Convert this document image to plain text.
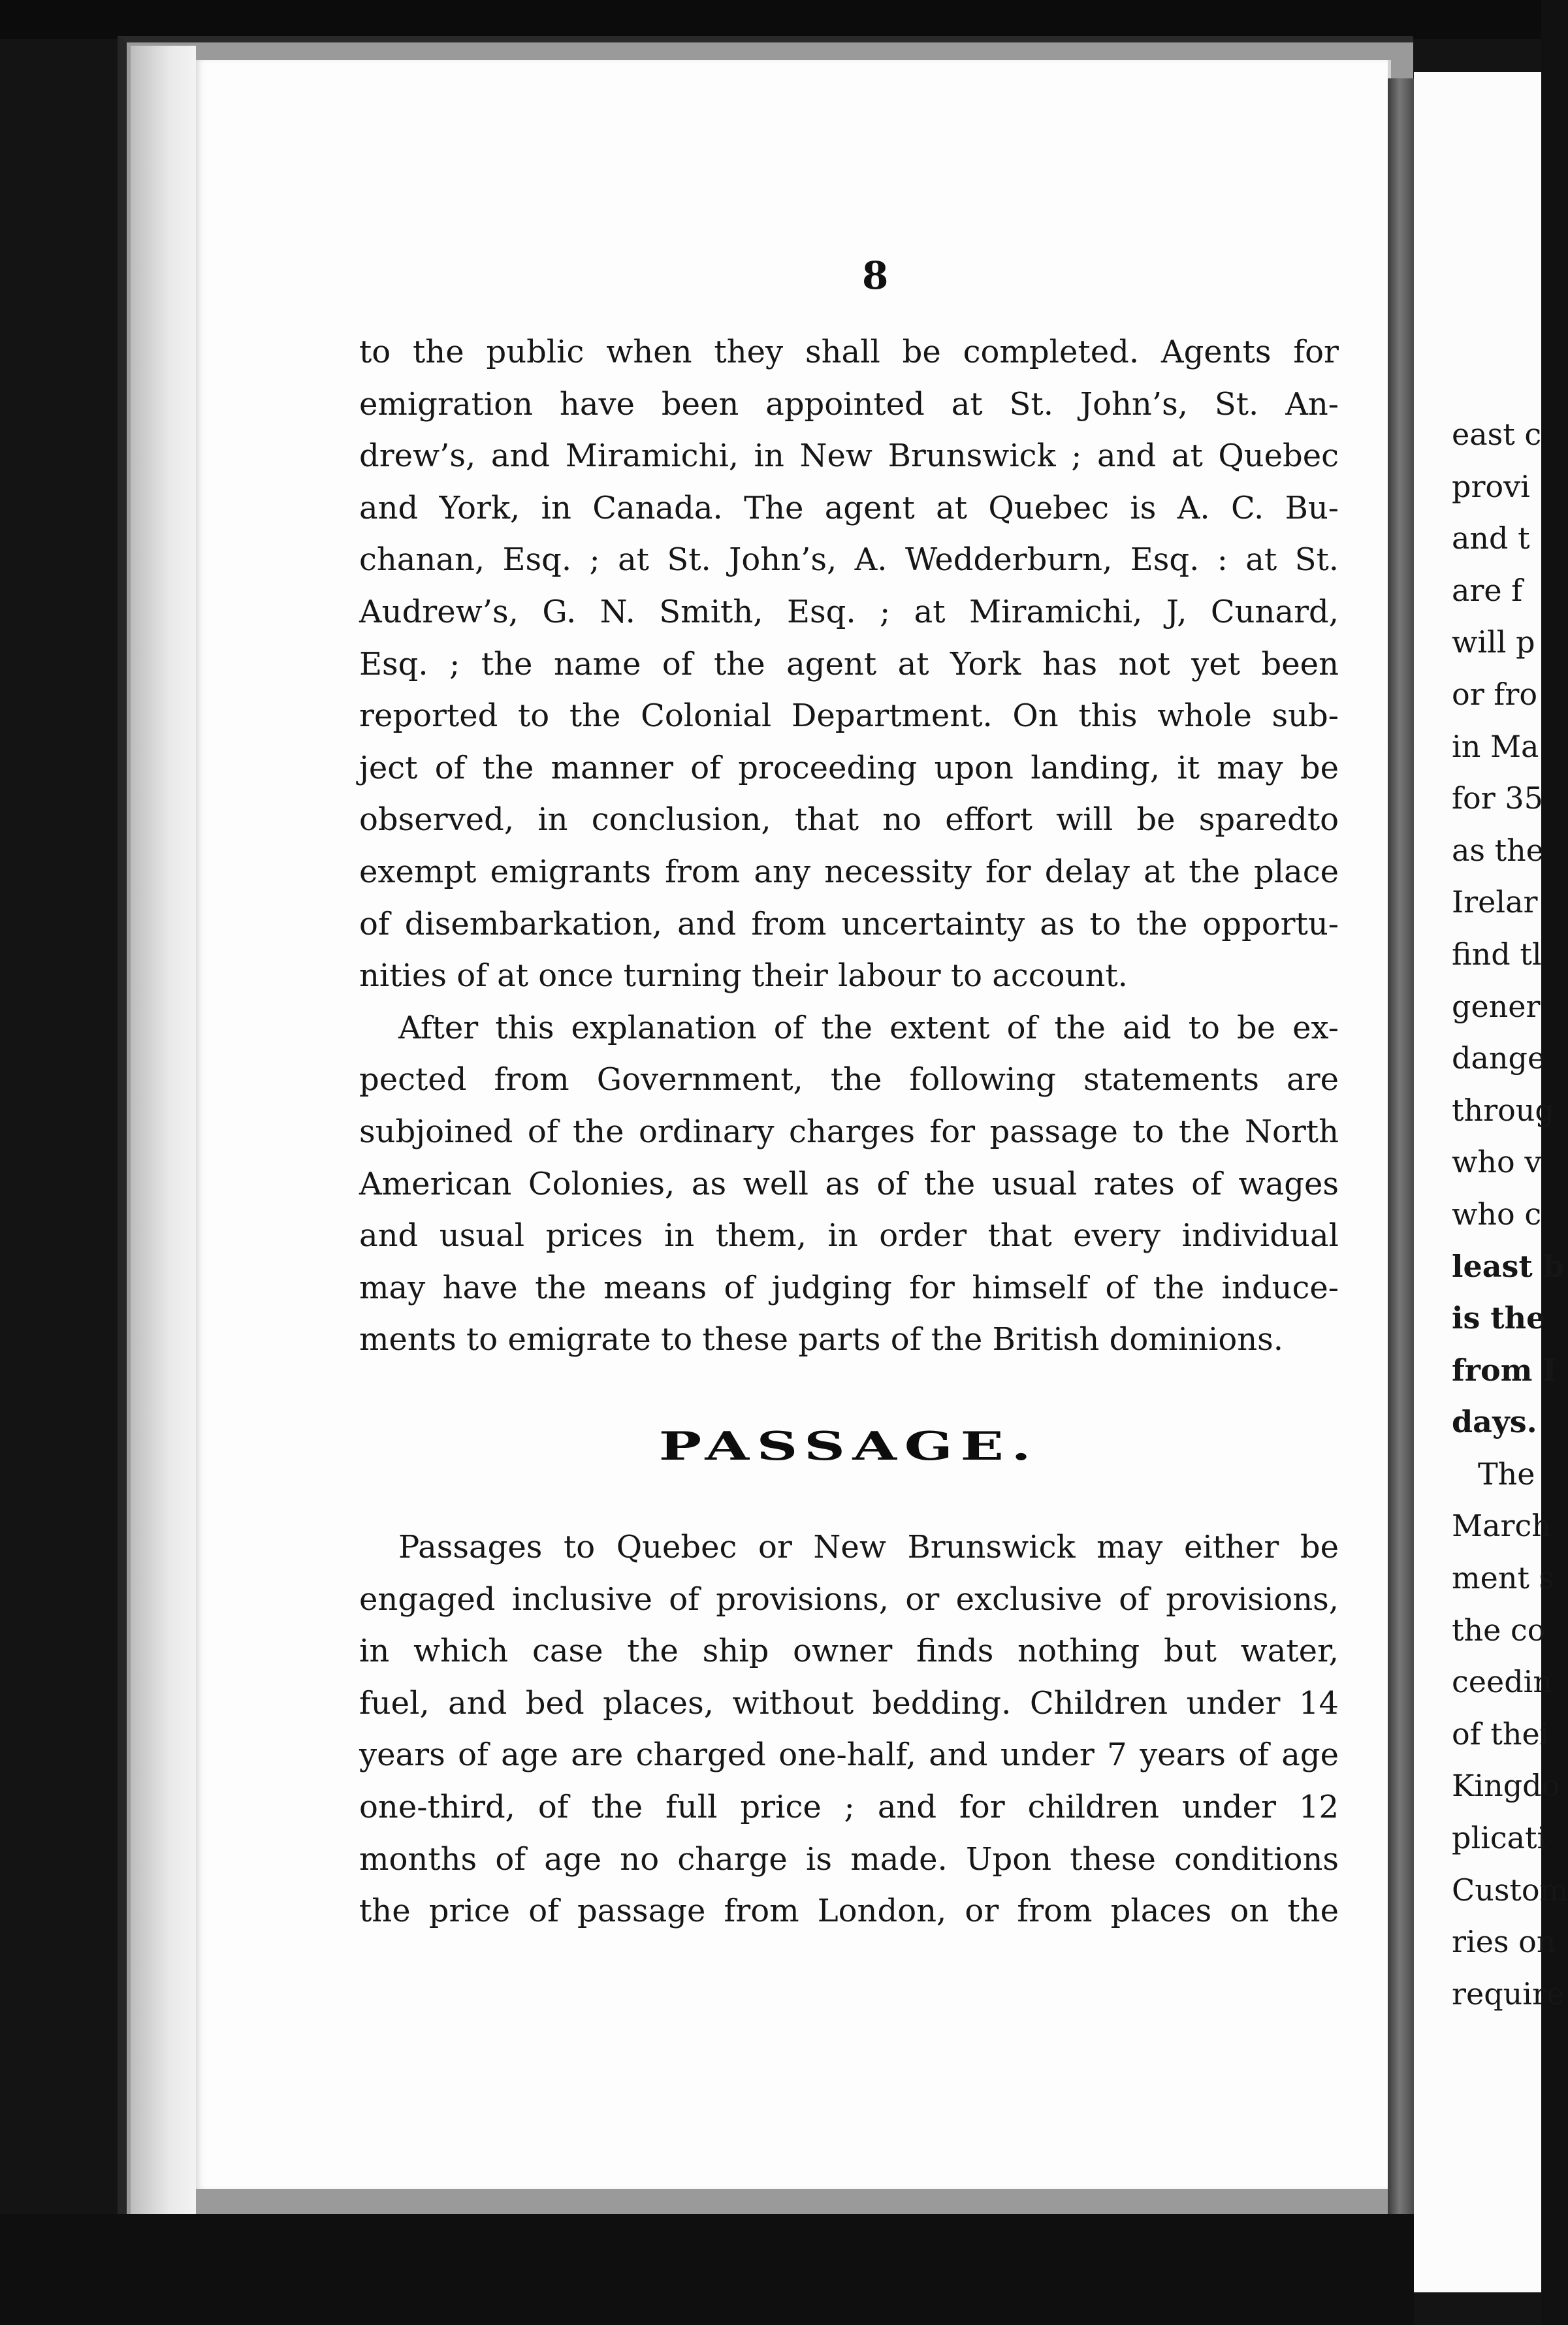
8
to the public when they shall be completed. Agents for
emigration have been appointed at St. John’s, St. An-
drew’s, and Miramichi, in New Brunswick ; and at Quebec
and York, in Canada. The agent at Quebec is A. C. Bu-
chanan, Esq. ; at St. John’s, A. Wedderburn, Esq. : at St.
Audrew’s, G. N. Smith, Esq. ; at Miramichi, J, Cunard,
Esq. ; the name of the agent at York has not yet been
reported to the Colonial Department. On this whole sub-
ject of the manner of proceeding upon landing, it may be
observed, in conclusion, that no effort will be sparedto
exempt emigrants from any necessity for delay at the place
of disembarkation, and from uncertainty as to the opportu-
nities of at once turning their labour to account.
After this explanation of the extent of the aid to be ex-
pected from Government, the following statements are
subjoined of the ordinary charges for passage to the North
American Colonies, as well as of the usual rates of wages
and usual prices in them, in order that every individual
may have the means of judging for himself of the induce-
ments to emigrate to these parts of the British dominions.
PASSAGE.
Passages to Quebec or New Brunswick may either be
engaged inclusive of provisions, or exclusive of provisions,
in which case the ship owner finds nothing but water,
fuel, and bed places, without bedding. Children under 14
years of age are charged one-half, and under 7 years of age
one-third, of the full price ; and for children under 12
months of age no charge is made. Upon these conditions
the price of passage from London, or from places on the
east c
provi
and t
are f
will p
or fro
in Ma
for 35
as the
Irelar
find tl
gener
dange
throug
who v
who c
least b
is the
from I
days.
The
March
ment s
the co
ceedin
of thei
Kingdo
plicati
Custom
ries on
require
